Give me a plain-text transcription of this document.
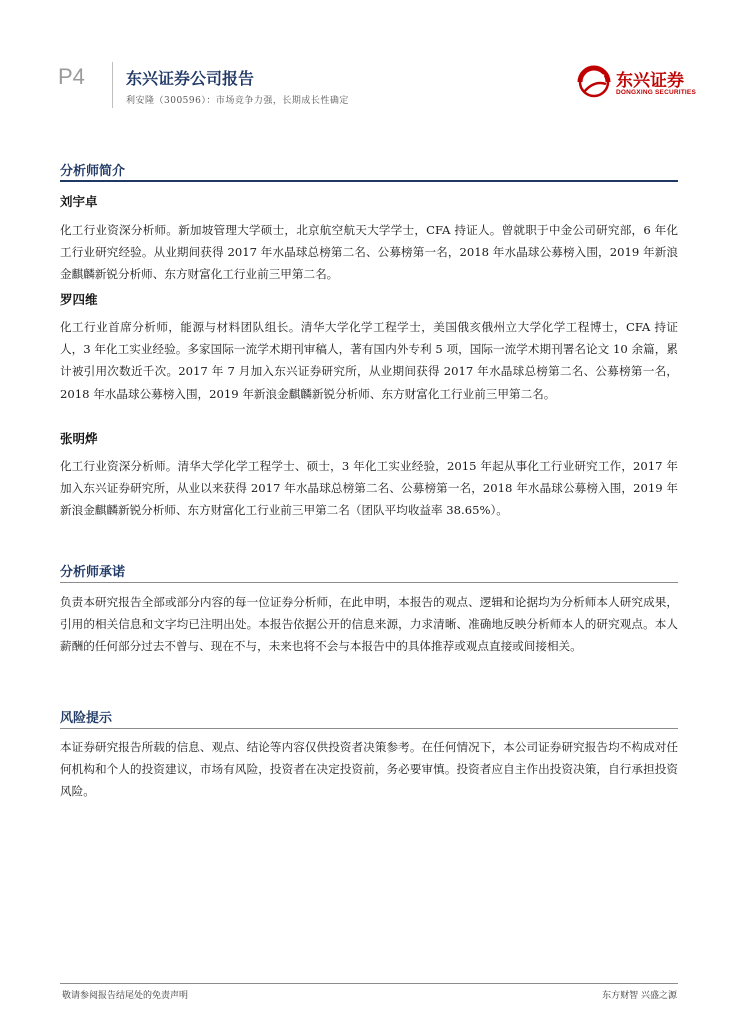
P4	东兴证券公司报告
利安隆（300596）：市场竞争力强，长期成长性确定
东兴证券
DONGXING SECURITIES
分析师简介
刘宇卓

化工行业资深分析师。新加坡管理大学硕士，北京航空航天大学学士，CFA 持证人。曾就职于中金公司研究部，6 年化工行业研究经验。从业期间获得 2017 年水晶球总榜第二名、公募榜第一名，2018 年水晶球公募榜入围，2019 年新浪金麒麟新锐分析师、东方财富化工行业前三甲第二名。

罗四维

化工行业首席分析师，能源与材料团队组长。清华大学化学工程学士，美国俄亥俄州立大学化学工程博士，CFA 持证人，3 年化工实业经验。多家国际一流学术期刊审稿人，著有国内外专利 5 项，国际一流学术期刊署名论文 10 余篇，累计被引用次数近千次。2017 年 7 月加入东兴证券研究所，从业期间获得 2017 年水晶球总榜第二名、公募榜第一名，2018 年水晶球公募榜入围，2019 年新浪金麒麟新锐分析师、东方财富化工行业前三甲第二名。

张明烨

化工行业资深分析师。清华大学化学工程学士、硕士，3 年化工实业经验，2015 年起从事化工行业研究工作，2017 年加入东兴证券研究所，从业以来获得 2017 年水晶球总榜第二名、公募榜第一名，2018 年水晶球公募榜入围，2019 年新浪金麒麟新锐分析师、东方财富化工行业前三甲第二名（团队平均收益率 38.65%）。

分析师承诺

负责本研究报告全部或部分内容的每一位证券分析师，在此申明，本报告的观点、逻辑和论据均为分析师本人研究成果，引用的相关信息和文字均已注明出处。本报告依据公开的信息来源，力求清晰、准确地反映分析师本人的研究观点。本人薪酬的任何部分过去不曾与、现在不与，未来也将不会与本报告中的具体推荐或观点直接或间接相关。

风险提示

本证券研究报告所载的信息、观点、结论等内容仅供投资者决策参考。在任何情况下，本公司证券研究报告均不构成对任何机构和个人的投资建议，市场有风险，投资者在决定投资前，务必要审慎。投资者应自主作出投资决策，自行承担投资风险。

敬请参阅报告结尾处的免责声明	东方财智 兴盛之源
